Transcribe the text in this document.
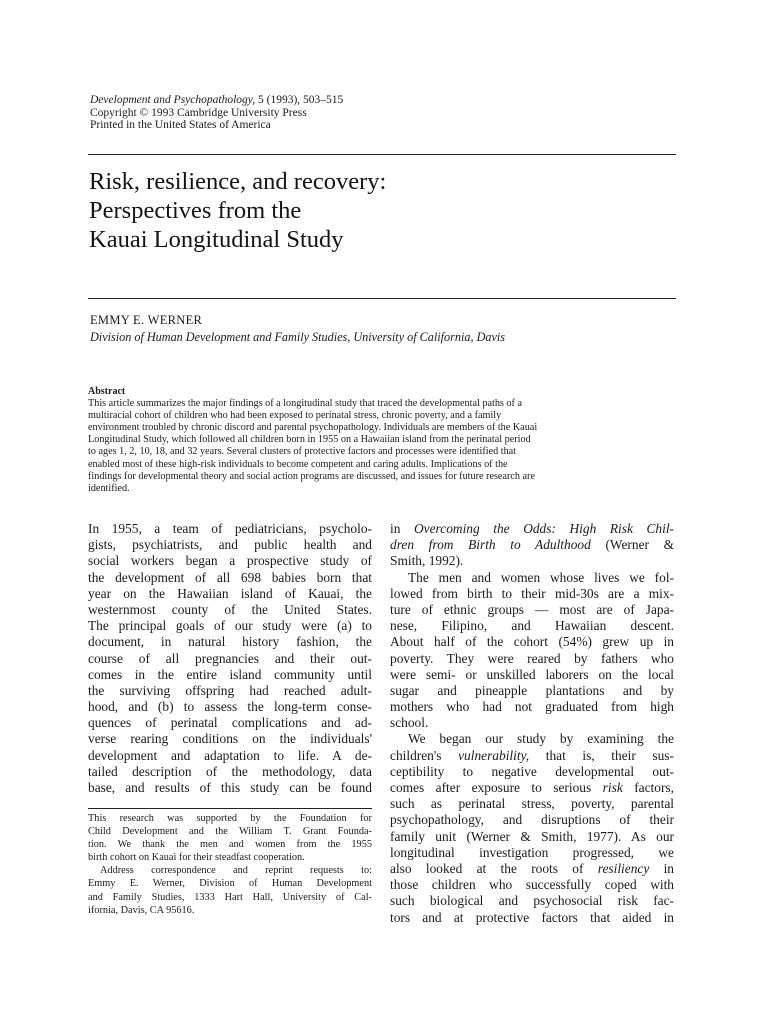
Development and Psychopathology, 5 (1993), 503–515
Copyright © 1993 Cambridge University Press
Printed in the United States of America
Risk, resilience, and recovery:
Perspectives from the
Kauai Longitudinal Study
EMMY E. WERNER
Division of Human Development and Family Studies, University of California, Davis
Abstract
This article summarizes the major findings of a longitudinal study that traced the developmental paths of a
multiracial cohort of children who had been exposed to perinatal stress, chronic poverty, and a family
environment troubled by chronic discord and parental psychopathology. Individuals are members of the Kauai
Longitudinal Study, which followed all children born in 1955 on a Hawaiian island from the perinatal period
to ages 1, 2, 10, 18, and 32 years. Several clusters of protective factors and processes were identified that
enabled most of these high-risk individuals to become competent and caring adults. Implications of the
findings for developmental theory and social action programs are discussed, and issues for future research are
identified.
In 1955, a team of pediatricians, psycholo-
gists, psychiatrists, and public health and
social workers began a prospective study of
the development of all 698 babies born that
year on the Hawaiian island of Kauai, the
westernmost county of the United States.
The principal goals of our study were (a) to
document, in natural history fashion, the
course of all pregnancies and their out-
comes in the entire island community until
the surviving offspring had reached adult-
hood, and (b) to assess the long-term conse-
quences of perinatal complications and ad-
verse rearing conditions on the individuals'
development and adaptation to life. A de-
tailed description of the methodology, data
base, and results of this study can be found
This research was supported by the Foundation for
Child Development and the William T. Grant Founda-
tion. We thank the men and women from the 1955
birth cohort on Kauai for their steadfast cooperation.
Address correspondence and reprint requests to:
Emmy E. Werner, Division of Human Development
and Family Studies, 1333 Hart Hall, University of Cal-
ifornia, Davis, CA 95616.
in Overcoming the Odds: High Risk Chil-
dren from Birth to Adulthood (Werner &
Smith, 1992).
The men and women whose lives we fol-
lowed from birth to their mid-30s are a mix-
ture of ethnic groups — most are of Japa-
nese, Filipino, and Hawaiian descent.
About half of the cohort (54%) grew up in
poverty. They were reared by fathers who
were semi- or unskilled laborers on the local
sugar and pineapple plantations and by
mothers who had not graduated from high
school.
We began our study by examining the
children's vulnerability, that is, their sus-
ceptibility to negative developmental out-
comes after exposure to serious risk factors,
such as perinatal stress, poverty, parental
psychopathology, and disruptions of their
family unit (Werner & Smith, 1977). As our
longitudinal investigation progressed, we
also looked at the roots of resiliency in
those children who successfully coped with
such biological and psychosocial risk fac-
tors and at protective factors that aided in
